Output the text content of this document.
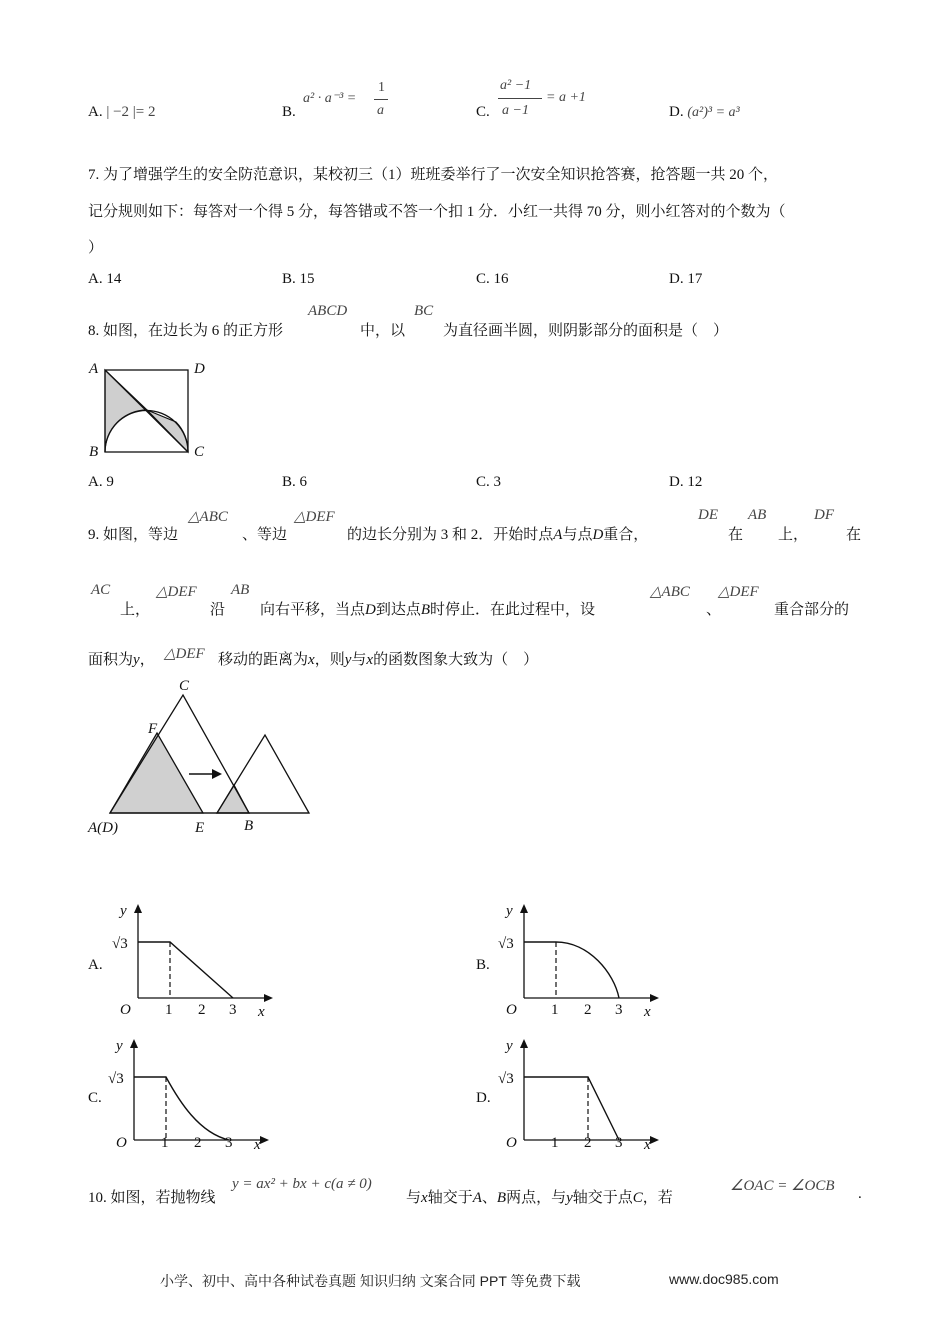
A. | −2 |= 2	B.
a² · a⁻³ =
1
a	C.
a² −1
a −1
= a +1
D. (a²)³ = a³
7. 为了增强学生的安全防范意识，某校初三（1）班班委举行了一次安全知识抢答赛，抢答题一共 20 个，
记分规则如下：每答对一个得 5 分，每答错或不答一个扣 1 分．小红一共得 70 分，则小红答对的个数为（
）
A. 14	B. 15	C. 16	D. 17
8. 如图，在边长为 6 的正方形
ABCD
中，以
BC
为直径画半圆，则阴影部分的面积是（　）
A	D
B	C
A. 9	B. 6	C. 3	D. 12
9. 如图，等边
△ABC
、等边
△DEF
的边长分别为 3 和 2．开始时点A与点D重合，
DE
在
AB
上，
DF
在
AC
上，
△DEF
沿
AB
向右平移，当点D到达点B时停止．在此过程中，设
△ABC
、
△DEF
重合部分的
面积为y， △DEF 移动的距离为x，则y与x的函数图象大致为（　）
C
F
A(D)	E	B
A.	B.
C.	D.
y
√3
O 1 2 3 x
y
√3
O 1 2 3 x
y
√3
O 1 2 3 x
y
√3
O 1 2 3 x
10. 如图，若抛物线
y = ax² + bx + c(a ≠ 0)
与x轴交于A、B两点，与y轴交于点C，若
∠OAC = ∠OCB .
小学、初中、高中各种试卷真题 知识归纳 文案合同 PPT 等免费下载	www.doc985.com
